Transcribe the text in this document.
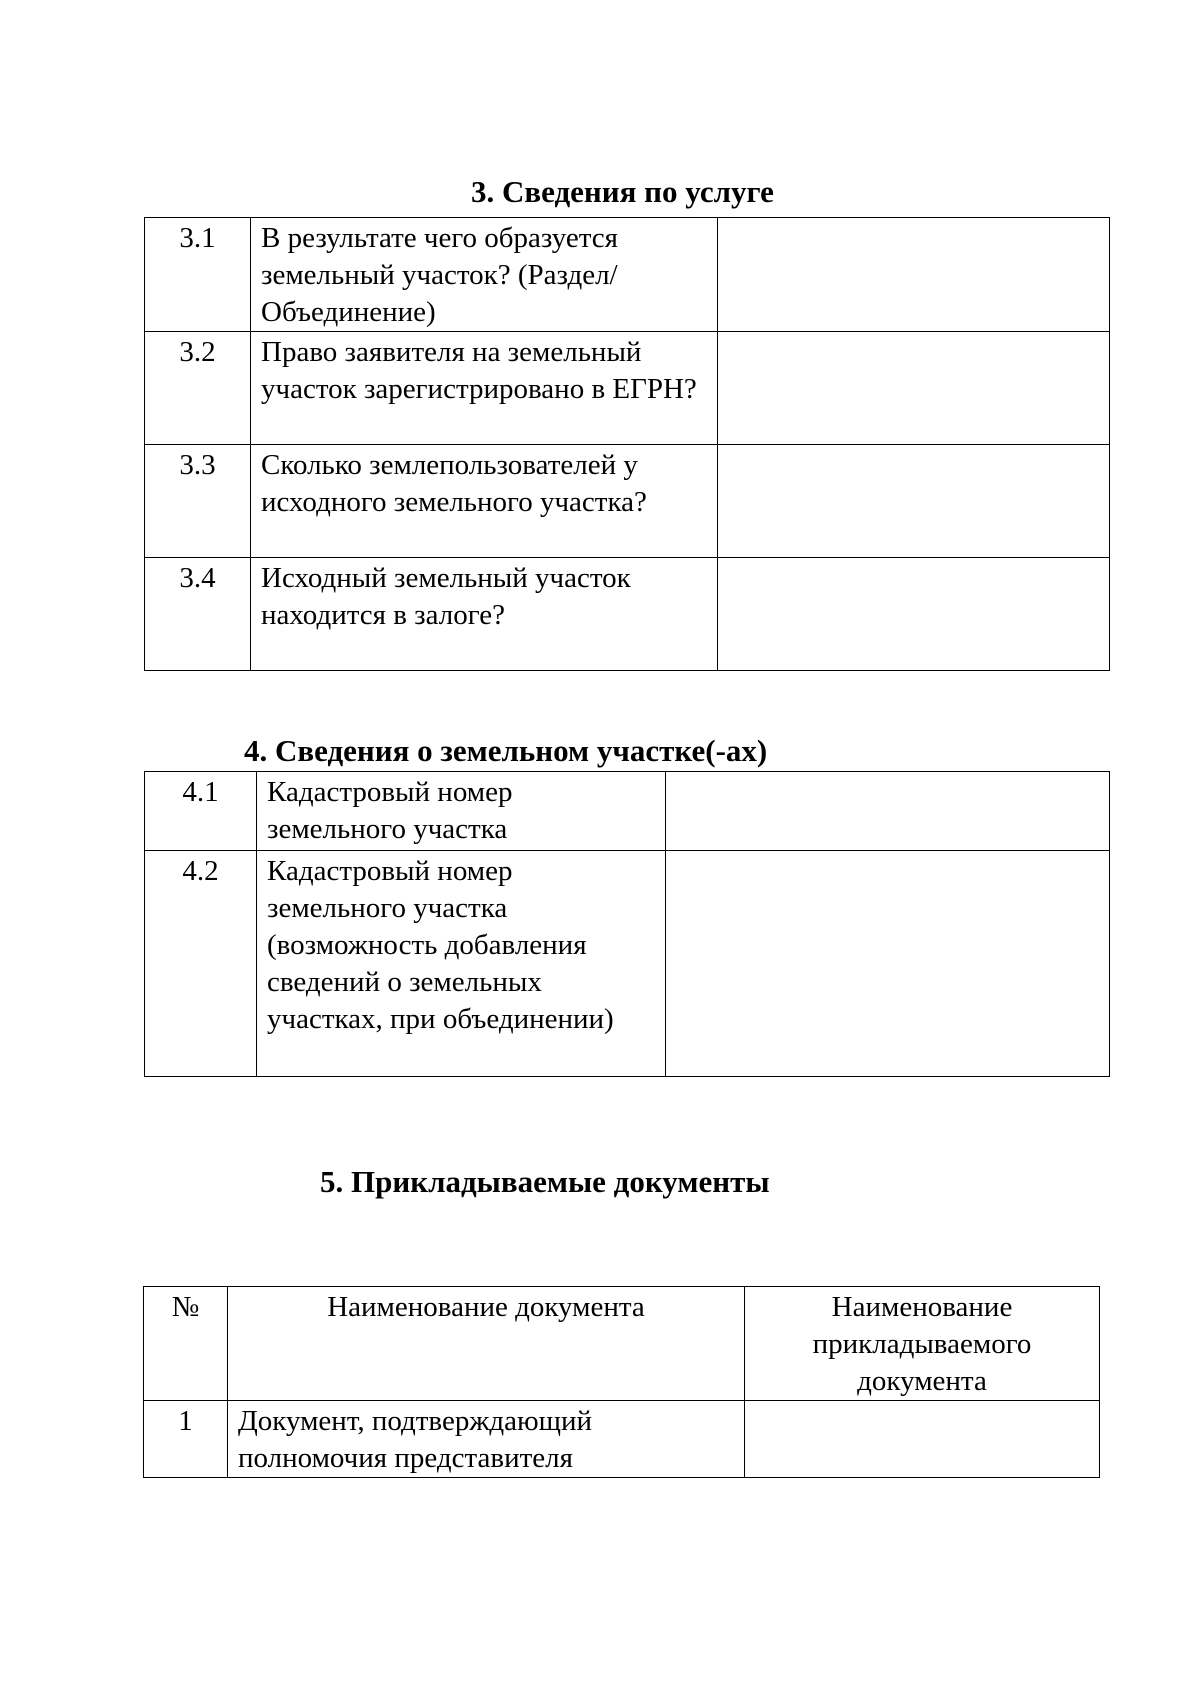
3. Сведения по услуге
3.1	В результате чего образуется земельный участок? (Раздел/Объединение)	
3.2	Право заявителя на земельный участок зарегистрировано в ЕГРН?	
3.3	Сколько землепользователей у исходного земельного участка?	
3.4	Исходный земельный участок находится в залоге?	
4. Сведения о земельном участке(-ах)
4.1	Кадастровый номер земельного участка	
4.2	Кадастровый номер земельного участка (возможность добавления сведений о земельных участках, при объединении)	
5. Прикладываемые документы
№	Наименование документа	Наименование прикладываемого документа
1	Документ, подтверждающий полномочия представителя	
